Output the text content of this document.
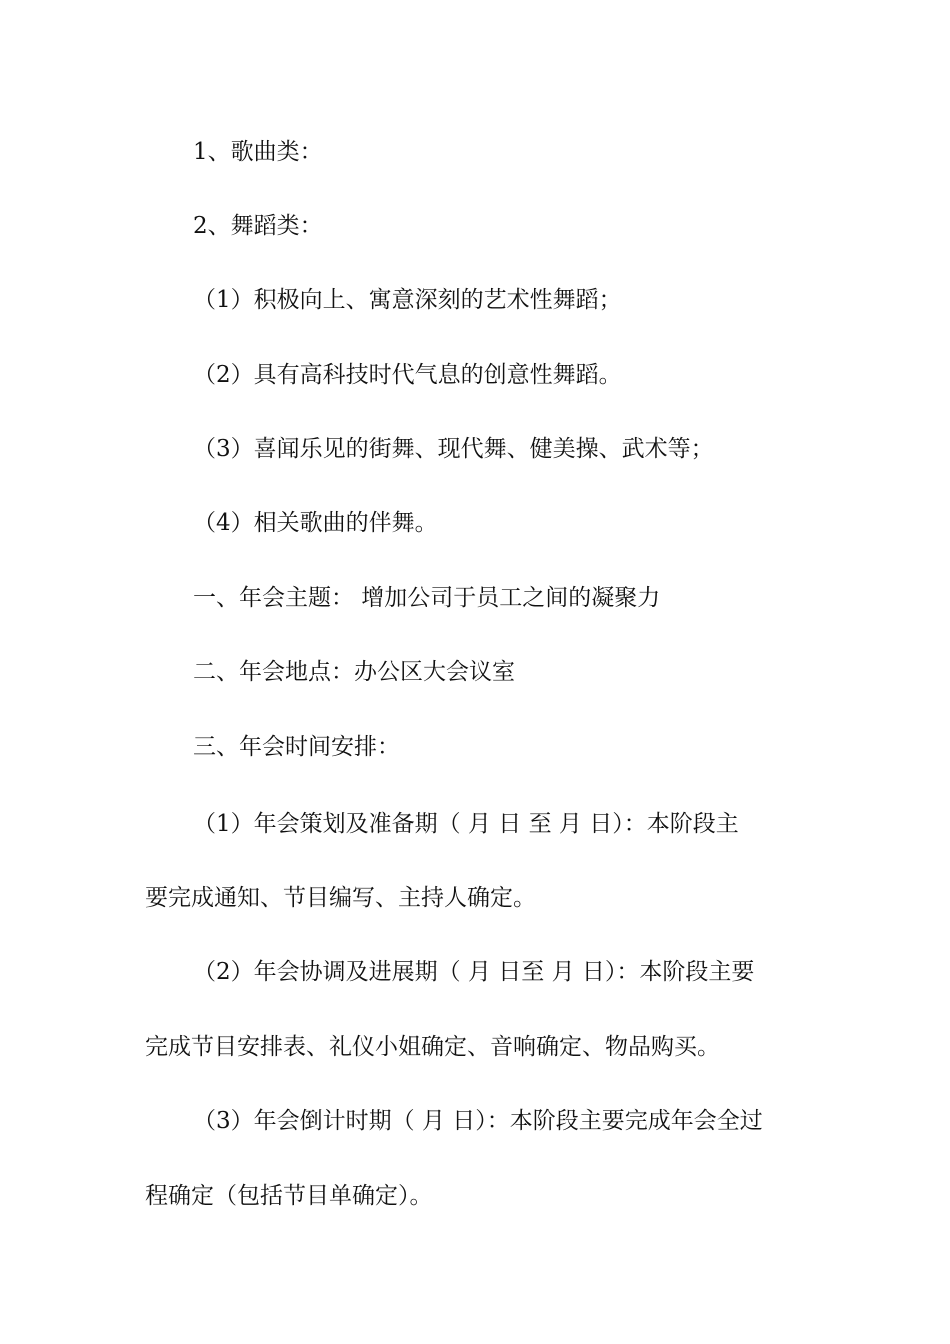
1、歌曲类：
2、舞蹈类：
（1）积极向上、寓意深刻的艺术性舞蹈；
（2）具有高科技时代气息的创意性舞蹈。
（3）喜闻乐见的街舞、现代舞、健美操、武术等；
（4）相关歌曲的伴舞。
一、年会主题： 增加公司于员工之间的凝聚力
二、年会地点：办公区大会议室
三、年会时间安排：
（1）年会策划及准备期（ 月 日 至 月 日）：本阶段主
要完成通知、节目编写、主持人确定。
（2）年会协调及进展期（ 月 日至 月 日）：本阶段主要
完成节目安排表、礼仪小姐确定、音响确定、物品购买。
（3）年会倒计时期（ 月 日）：本阶段主要完成年会全过
程确定（包括节目单确定）。
